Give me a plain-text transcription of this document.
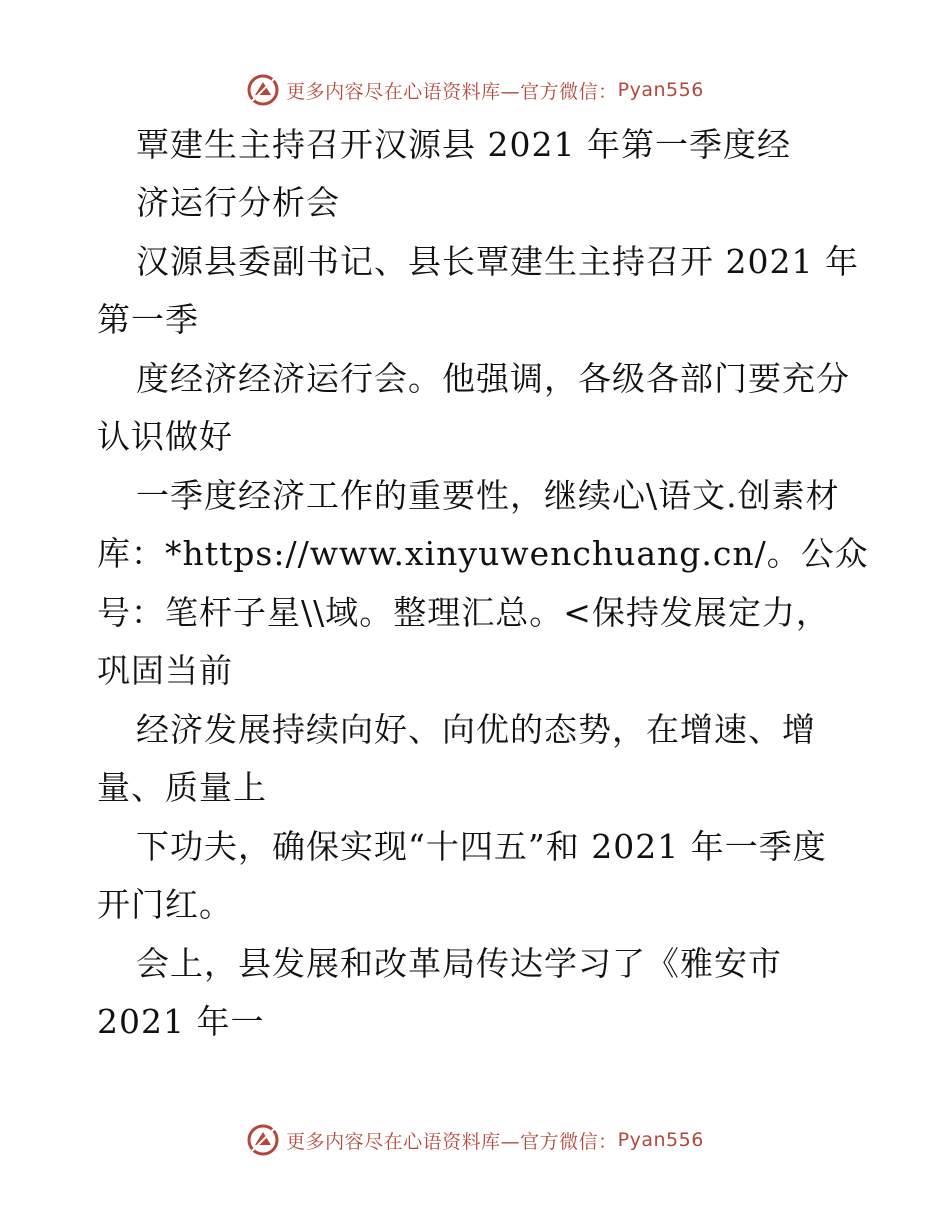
更多内容尽在心语资料库—官方微信： Pyan556
覃建生主持召开汉源县 2021 年第一季度经
济运行分析会
汉源县委副书记、县长覃建生主持召开 2021 年
第一季
度经济经济运行会。他强调，各级各部门要充分
认识做好
一季度经济工作的重要性，继续心\语文.创素材
库：*https://www.xinyuwenchuang.cn/。公众
号：笔杆子星\\域。整理汇总。<保持发展定力，
巩固当前
经济发展持续向好、向优的态势，在增速、增
量、质量上
下功夫，确保实现“十四五”和 2021 年一季度
开门红。
会上，县发展和改革局传达学习了《雅安市
2021 年一
更多内容尽在心语资料库—官方微信： Pyan556
